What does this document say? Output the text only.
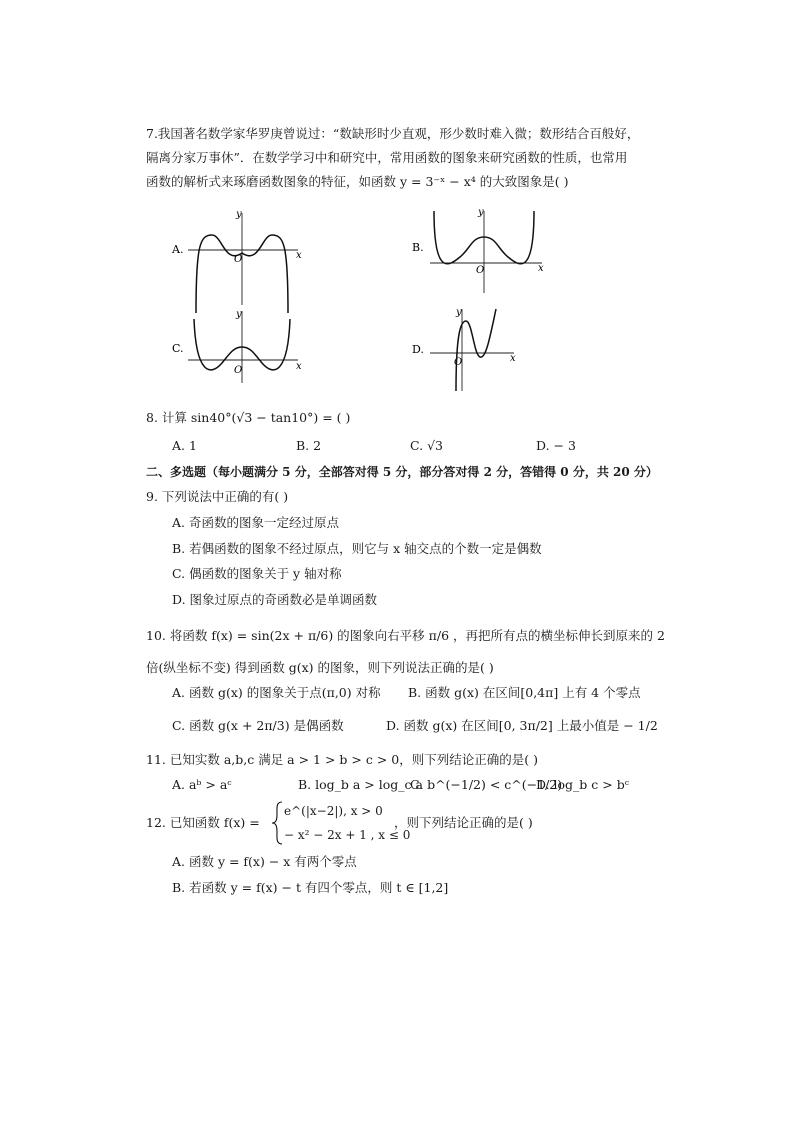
7.我国著名数学家华罗庚曾说过：“数缺形时少直观，形少数时难入微；数形结合百般好，
隔离分家万事休”．在数学学习中和研究中，常用函数的图象来研究函数的性质，也常用
函数的解析式来琢磨函数图象的特征，如函数 y = 3⁻ˣ − x⁴ 的大致图象是( )
A.
y
x
O
B.
y
x
O
C.
y
x
O
D.
y
x
O
8. 计算 sin40°(√3 − tan10°) = ( )
A. 1	B. 2	C. √3	D. − 3
二、多选题（每小题满分 5 分，全部答对得 5 分，部分答对得 2 分，答错得 0 分，共 20 分）
9. 下列说法中正确的有( )
A. 奇函数的图象一定经过原点
B. 若偶函数的图象不经过原点，则它与 x 轴交点的个数一定是偶数
C. 偶函数的图象关于 y 轴对称
D. 图象过原点的奇函数必是单调函数
10. 将函数 f(x) = sin(2x + π/6) 的图象向右平移 π/6 ，再把所有点的横坐标伸长到原来的 2
倍(纵坐标不变) 得到函数 g(x) 的图象，则下列说法正确的是( )
A. 函数 g(x) 的图象关于点(π,0) 对称 B. 函数 g(x) 在区间[0,4π] 上有 4 个零点
C. 函数 g(x + 2π/3) 是偶函数	D. 函数 g(x) 在区间[0, 3π/2] 上最小值是 − 1/2
11. 已知实数 a,b,c 满足 a > 1 > b > c > 0，则下列结论正确的是( )
A. aᵇ > aᶜ	B. log_b a > log_c a
C. b^(−1/2) < c^(−1/2)
D. log_b c > bᶜ
12. 已知函数 f(x) =
e^(|x−2|), x > 0
− x² − 2x + 1 , x ≤ 0
，则下列结论正确的是( )
A. 函数 y = f(x) − x 有两个零点
B. 若函数 y = f(x) − t 有四个零点，则 t ∈ [1,2]
